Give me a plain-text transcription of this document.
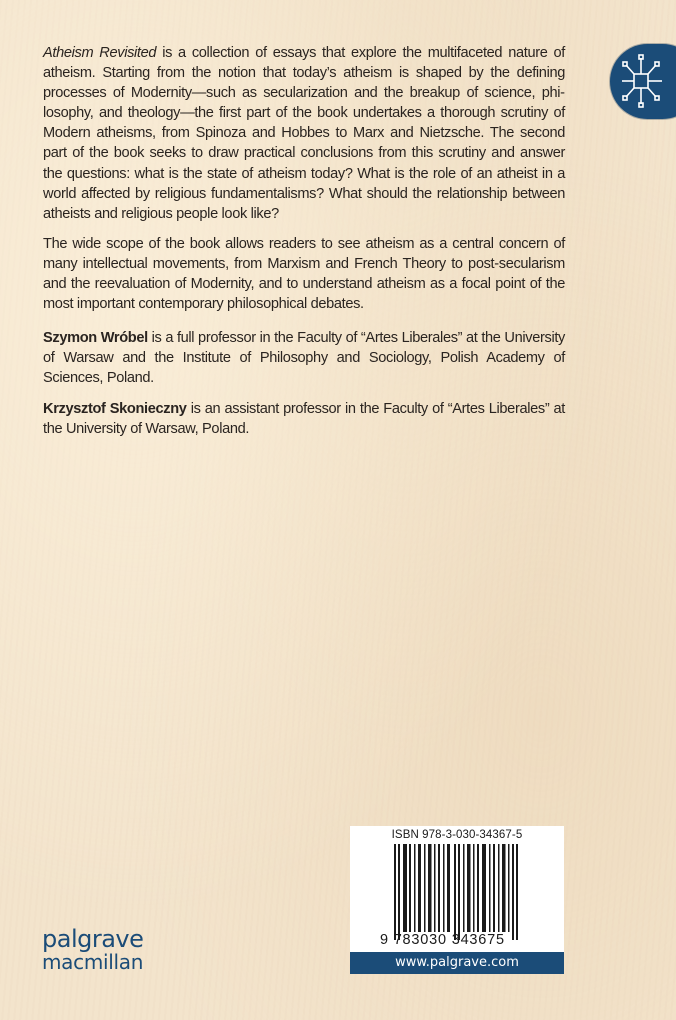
Atheism Revisited is a collection of essays that explore the multifaceted nature of atheism. Starting from the notion that today’s atheism is shaped by the defining processes of Modernity—such as secularization and the breakup of science, philosophy, and theology—the first part of the book undertakes a thorough scrutiny of Modern atheisms, from Spinoza and Hobbes to Marx and Nietzsche. The second part of the book seeks to draw practical conclusions from this scrutiny and answer the questions: what is the state of atheism today? What is the role of an atheist in a world affected by religious fundamentalisms? What should the relationship between atheists and religious people look like?

The wide scope of the book allows readers to see atheism as a central concern of many intellectual movements, from Marxism and French Theory to post-secularism and the reevaluation of Modernity, and to understand atheism as a focal point of the most important contemporary philosophical debates.

Szymon Wróbel is a full professor in the Faculty of “Artes Liberales” at the University of Warsaw and the Institute of Philosophy and Sociology, Polish Academy of Sciences, Poland.

Krzysztof Skonieczny is an assistant professor in the Faculty of “Artes Liberales” at the University of Warsaw, Poland.

ISBN 978-3-030-34367-5
9 783030 343675
www.palgrave.com
palgrave
macmillan
